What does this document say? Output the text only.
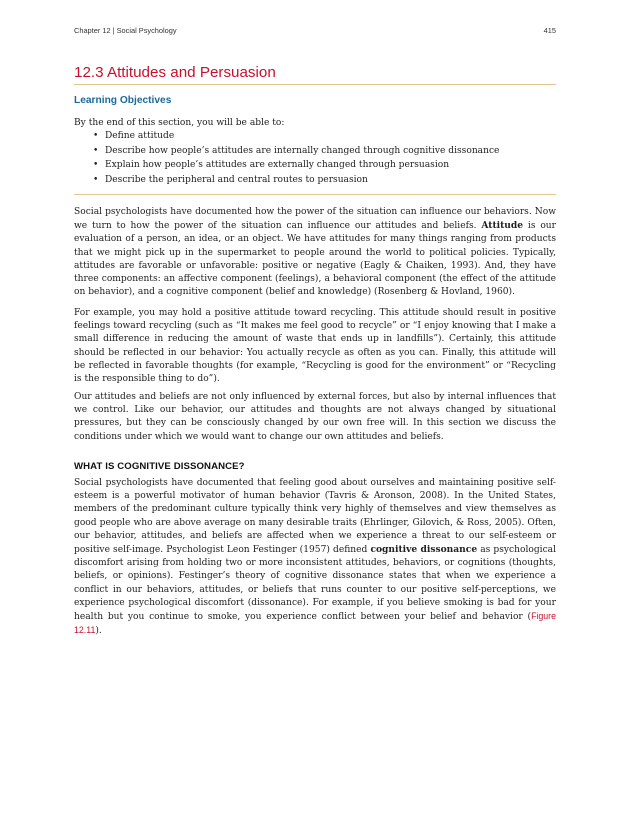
Chapter 12 | Social Psychology	415
12.3 Attitudes and Persuasion
Learning Objectives

By the end of this section, you will be able to:

• Define attitude
• Describe how people’s attitudes are internally changed through cognitive dissonance
• Explain how people’s attitudes are externally changed through persuasion
• Describe the peripheral and central routes to persuasion

Social psychologists have documented how the power of the situation can influence our behaviors. Now we turn to how the power of the situation can influence our attitudes and beliefs. Attitude is our evaluation of a person, an idea, or an object. We have attitudes for many things ranging from products that we might pick up in the supermarket to people around the world to political policies. Typically, attitudes are favorable or unfavorable: positive or negative (Eagly & Chaiken, 1993). And, they have three components: an affective component (feelings), a behavioral component (the effect of the attitude on behavior), and a cognitive component (belief and knowledge) (Rosenberg & Hovland, 1960).

For example, you may hold a positive attitude toward recycling. This attitude should result in positive feelings toward recycling (such as “It makes me feel good to recycle” or “I enjoy knowing that I make a small difference in reducing the amount of waste that ends up in landfills”). Certainly, this attitude should be reflected in our behavior: You actually recycle as often as you can. Finally, this attitude will be reflected in favorable thoughts (for example, “Recycling is good for the environment” or “Recycling is the responsible thing to do”).

Our attitudes and beliefs are not only influenced by external forces, but also by internal influences that we control. Like our behavior, our attitudes and thoughts are not always changed by situational pressures, but they can be consciously changed by our own free will. In this section we discuss the conditions under which we would want to change our own attitudes and beliefs.

WHAT IS COGNITIVE DISSONANCE?

Social psychologists have documented that feeling good about ourselves and maintaining positive self-esteem is a powerful motivator of human behavior (Tavris & Aronson, 2008). In the United States, members of the predominant culture typically think very highly of themselves and view themselves as good people who are above average on many desirable traits (Ehrlinger, Gilovich, & Ross, 2005). Often, our behavior, attitudes, and beliefs are affected when we experience a threat to our self-esteem or positive self-image. Psychologist Leon Festinger (1957) defined cognitive dissonance as psychological discomfort arising from holding two or more inconsistent attitudes, behaviors, or cognitions (thoughts, beliefs, or opinions). Festinger’s theory of cognitive dissonance states that when we experience a conflict in our behaviors, attitudes, or beliefs that runs counter to our positive self-perceptions, we experience psychological discomfort (dissonance). For example, if you believe smoking is bad for your health but you continue to smoke, you experience conflict between your belief and behavior (Figure 12.11).
